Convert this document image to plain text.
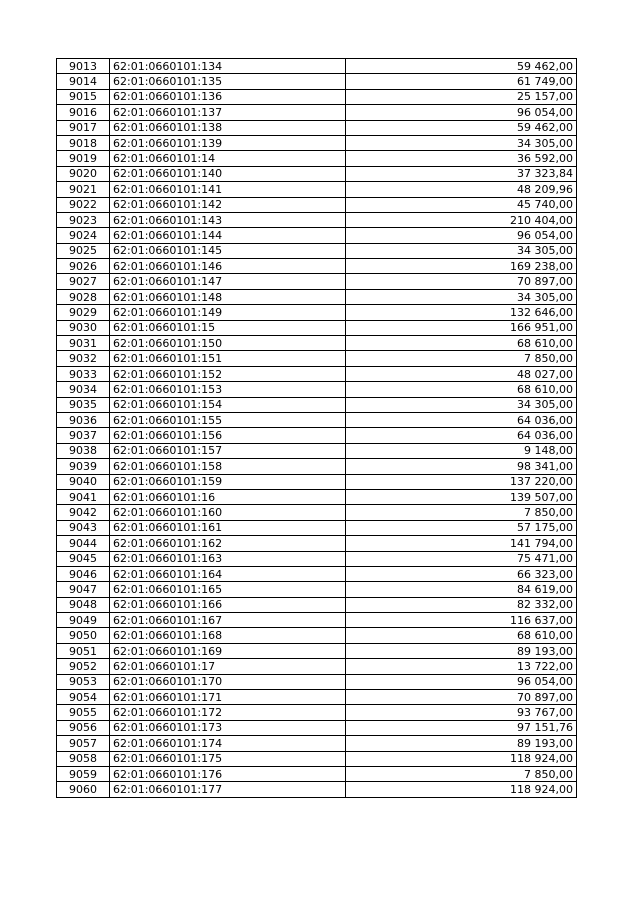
9013	62:01:0660101:134	59 462,00
9014	62:01:0660101:135	61 749,00
9015	62:01:0660101:136	25 157,00
9016	62:01:0660101:137	96 054,00
9017	62:01:0660101:138	59 462,00
9018	62:01:0660101:139	34 305,00
9019	62:01:0660101:14	36 592,00
9020	62:01:0660101:140	37 323,84
9021	62:01:0660101:141	48 209,96
9022	62:01:0660101:142	45 740,00
9023	62:01:0660101:143	210 404,00
9024	62:01:0660101:144	96 054,00
9025	62:01:0660101:145	34 305,00
9026	62:01:0660101:146	169 238,00
9027	62:01:0660101:147	70 897,00
9028	62:01:0660101:148	34 305,00
9029	62:01:0660101:149	132 646,00
9030	62:01:0660101:15	166 951,00
9031	62:01:0660101:150	68 610,00
9032	62:01:0660101:151	7 850,00
9033	62:01:0660101:152	48 027,00
9034	62:01:0660101:153	68 610,00
9035	62:01:0660101:154	34 305,00
9036	62:01:0660101:155	64 036,00
9037	62:01:0660101:156	64 036,00
9038	62:01:0660101:157	9 148,00
9039	62:01:0660101:158	98 341,00
9040	62:01:0660101:159	137 220,00
9041	62:01:0660101:16	139 507,00
9042	62:01:0660101:160	7 850,00
9043	62:01:0660101:161	57 175,00
9044	62:01:0660101:162	141 794,00
9045	62:01:0660101:163	75 471,00
9046	62:01:0660101:164	66 323,00
9047	62:01:0660101:165	84 619,00
9048	62:01:0660101:166	82 332,00
9049	62:01:0660101:167	116 637,00
9050	62:01:0660101:168	68 610,00
9051	62:01:0660101:169	89 193,00
9052	62:01:0660101:17	13 722,00
9053	62:01:0660101:170	96 054,00
9054	62:01:0660101:171	70 897,00
9055	62:01:0660101:172	93 767,00
9056	62:01:0660101:173	97 151,76
9057	62:01:0660101:174	89 193,00
9058	62:01:0660101:175	118 924,00
9059	62:01:0660101:176	7 850,00
9060	62:01:0660101:177	118 924,00
